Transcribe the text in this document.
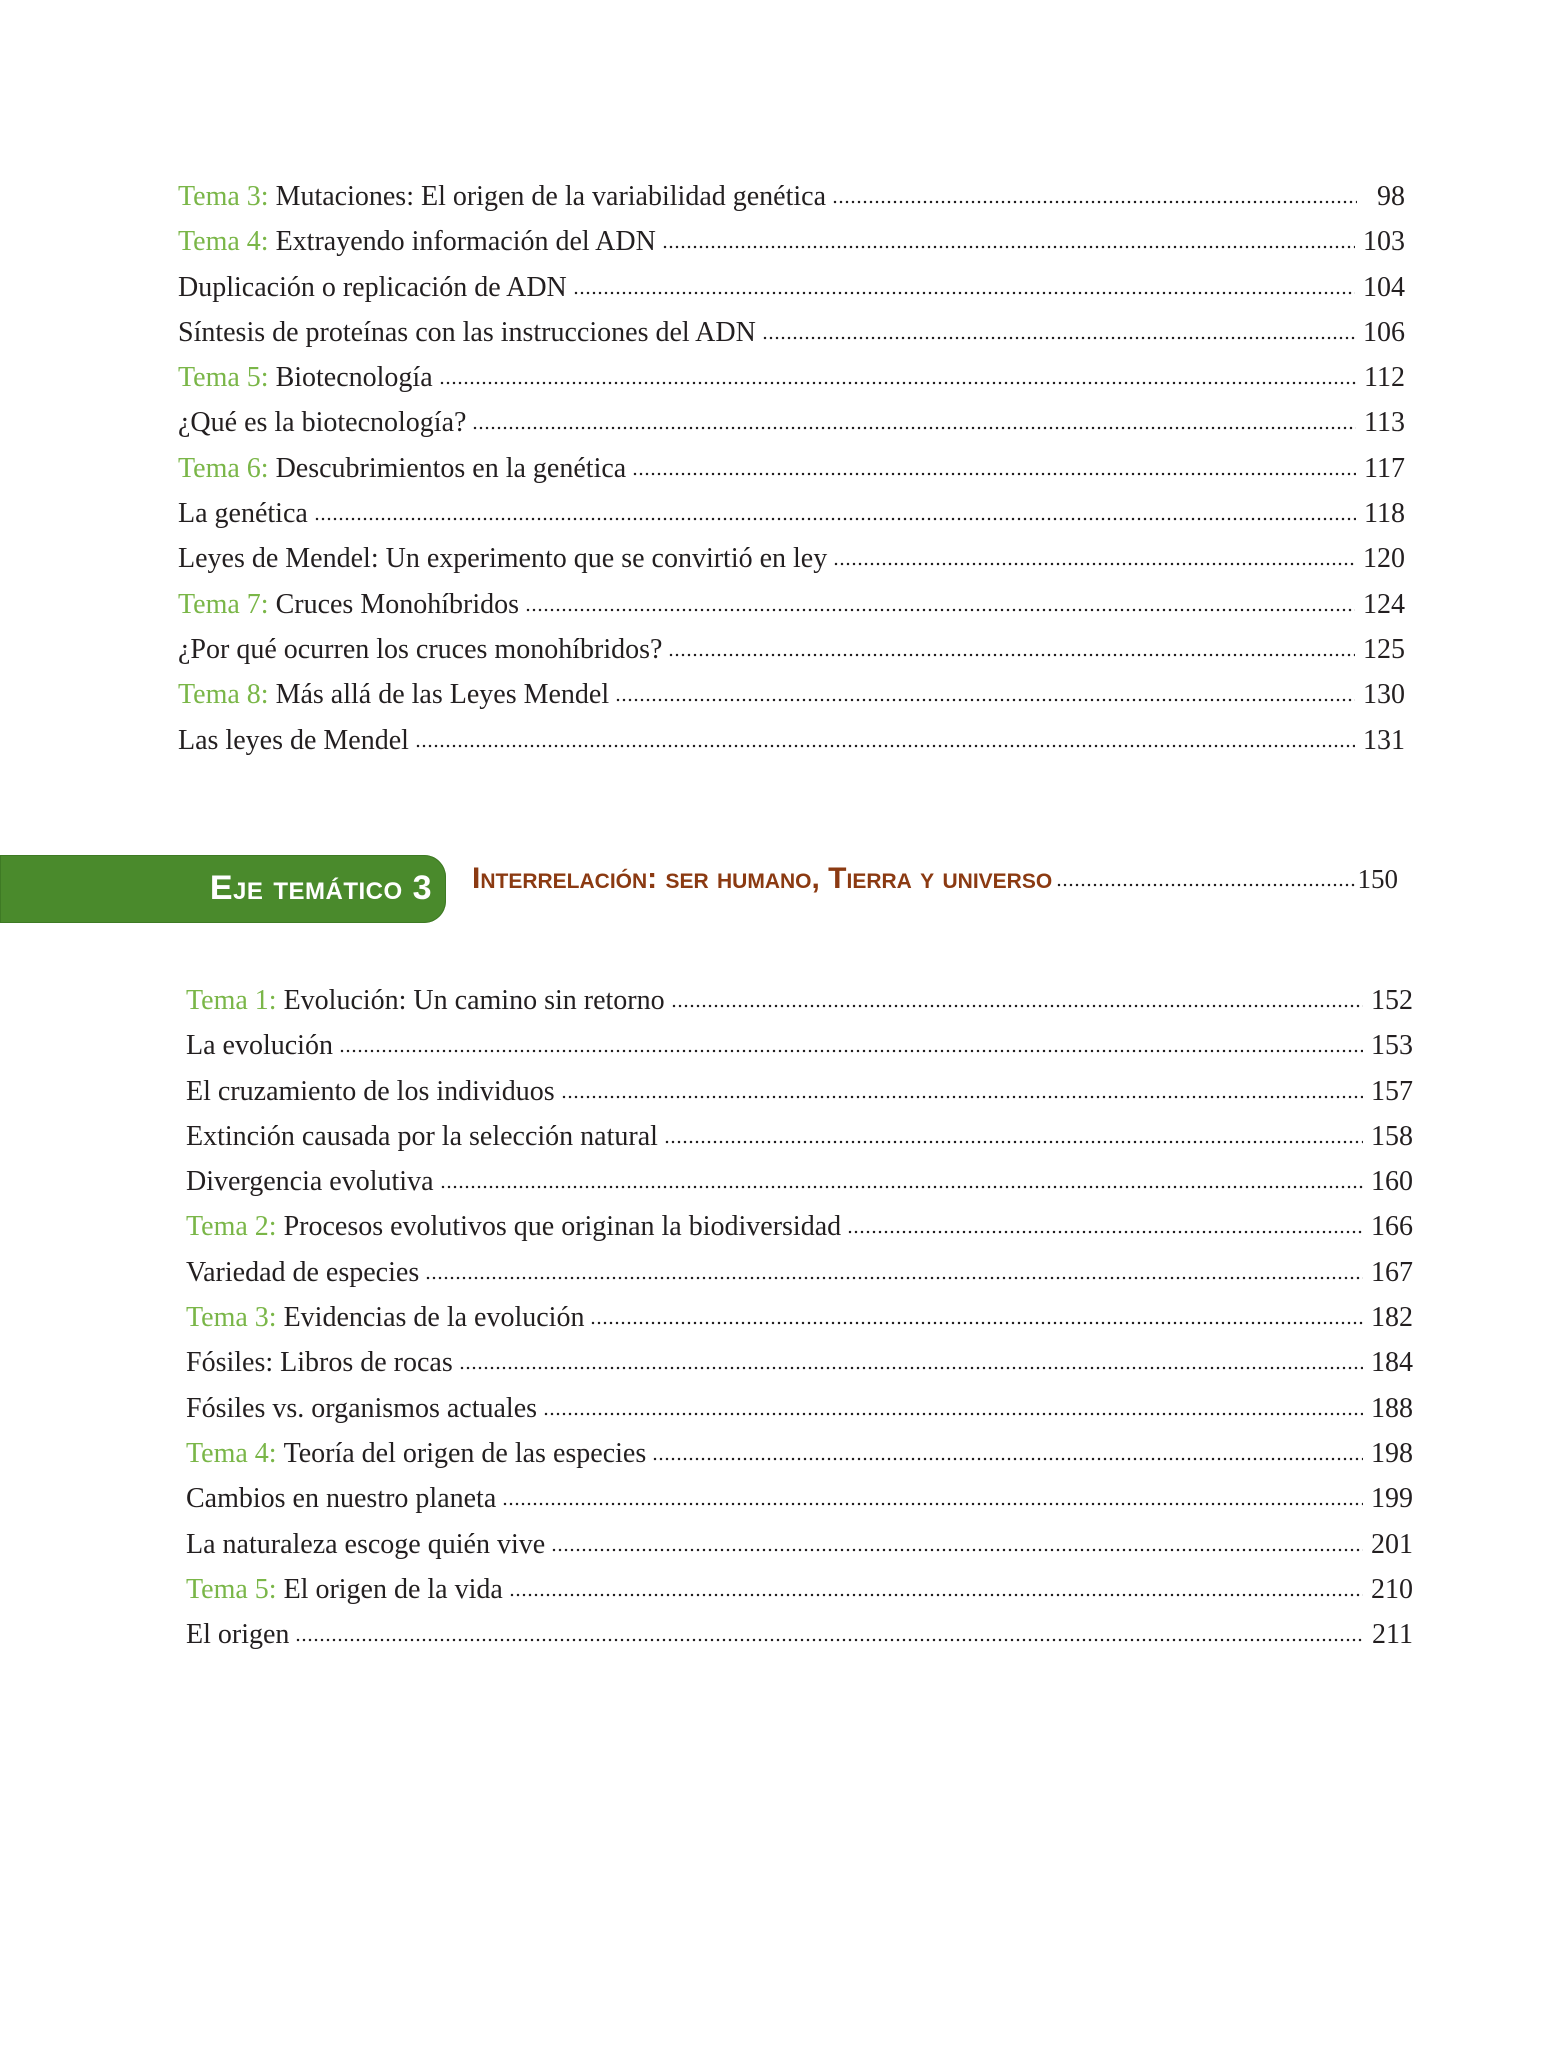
Tema 3: Mutaciones: El origen de la variabilidad genética	98
Tema 4: Extrayendo información del ADN	103
Duplicación o replicación de ADN	104
Síntesis de proteínas con las instrucciones del ADN	106
Tema 5: Biotecnología	112
¿Qué es la biotecnología?	113
Tema 6: Descubrimientos en la genética	117
La genética	118
Leyes de Mendel: Un experimento que se convirtió en ley	120
Tema 7: Cruces Monohíbridos	124
¿Por qué ocurren los cruces monohíbridos?	125
Tema 8: Más allá de las Leyes Mendel	130
Las leyes de Mendel	131
Eje temático 3 Interrelación: ser humano, Tierra y universo	150
Tema 1: Evolución: Un camino sin retorno	152
La evolución	153
El cruzamiento de los individuos	157
Extinción causada por la selección natural	158
Divergencia evolutiva	160
Tema 2: Procesos evolutivos que originan la biodiversidad	166
Variedad de especies	167
Tema 3: Evidencias de la evolución	182
Fósiles: Libros de rocas	184
Fósiles vs. organismos actuales	188
Tema 4: Teoría del origen de las especies	198
Cambios en nuestro planeta	199
La naturaleza escoge quién vive	201
Tema 5: El origen de la vida	210
El origen	211
